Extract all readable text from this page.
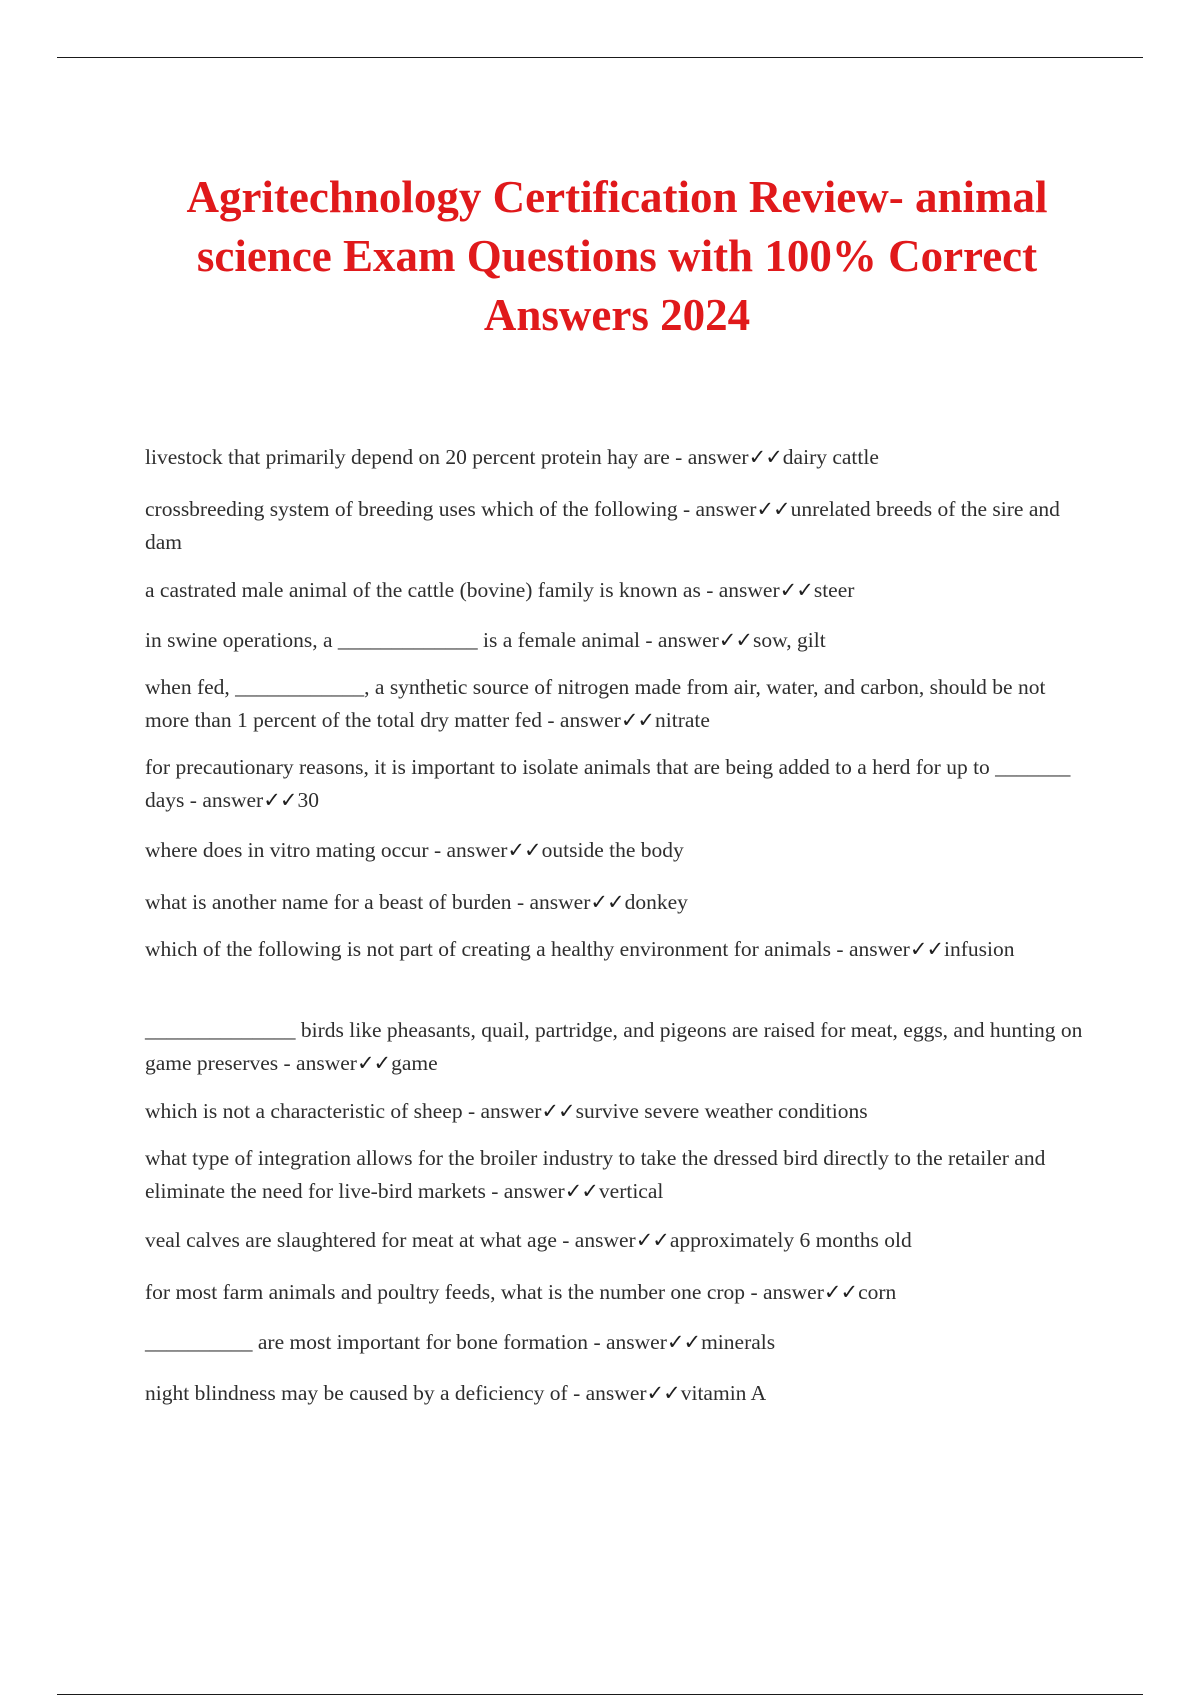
Agritechnology Certification Review- animal science Exam Questions with 100% Correct Answers 2024
livestock that primarily depend on 20 percent protein hay are - answer✓✓dairy cattle
crossbreeding system of breeding uses which of the following - answer✓✓unrelated breeds of the sire and dam
a castrated male animal of the cattle (bovine) family is known as - answer✓✓steer
in swine operations, a _____________ is a female animal - answer✓✓sow, gilt
when fed, ____________, a synthetic source of nitrogen made from air, water, and carbon, should be not more than 1 percent of the total dry matter fed - answer✓✓nitrate
for precautionary reasons, it is important to isolate animals that are being added to a herd for up to _______ days - answer✓✓30
where does in vitro mating occur - answer✓✓outside the body
what is another name for a beast of burden - answer✓✓donkey
which of the following is not part of creating a healthy environment for animals - answer✓✓infusion
______________ birds like pheasants, quail, partridge, and pigeons are raised for meat, eggs, and hunting on game preserves - answer✓✓game
which is not a characteristic of sheep - answer✓✓survive severe weather conditions
what type of integration allows for the broiler industry to take the dressed bird directly to the retailer and eliminate the need for live-bird markets - answer✓✓vertical
veal calves are slaughtered for meat at what age - answer✓✓approximately 6 months old
for most farm animals and poultry feeds, what is the number one crop - answer✓✓corn
__________ are most important for bone formation - answer✓✓minerals
night blindness may be caused by a deficiency of - answer✓✓vitamin A
